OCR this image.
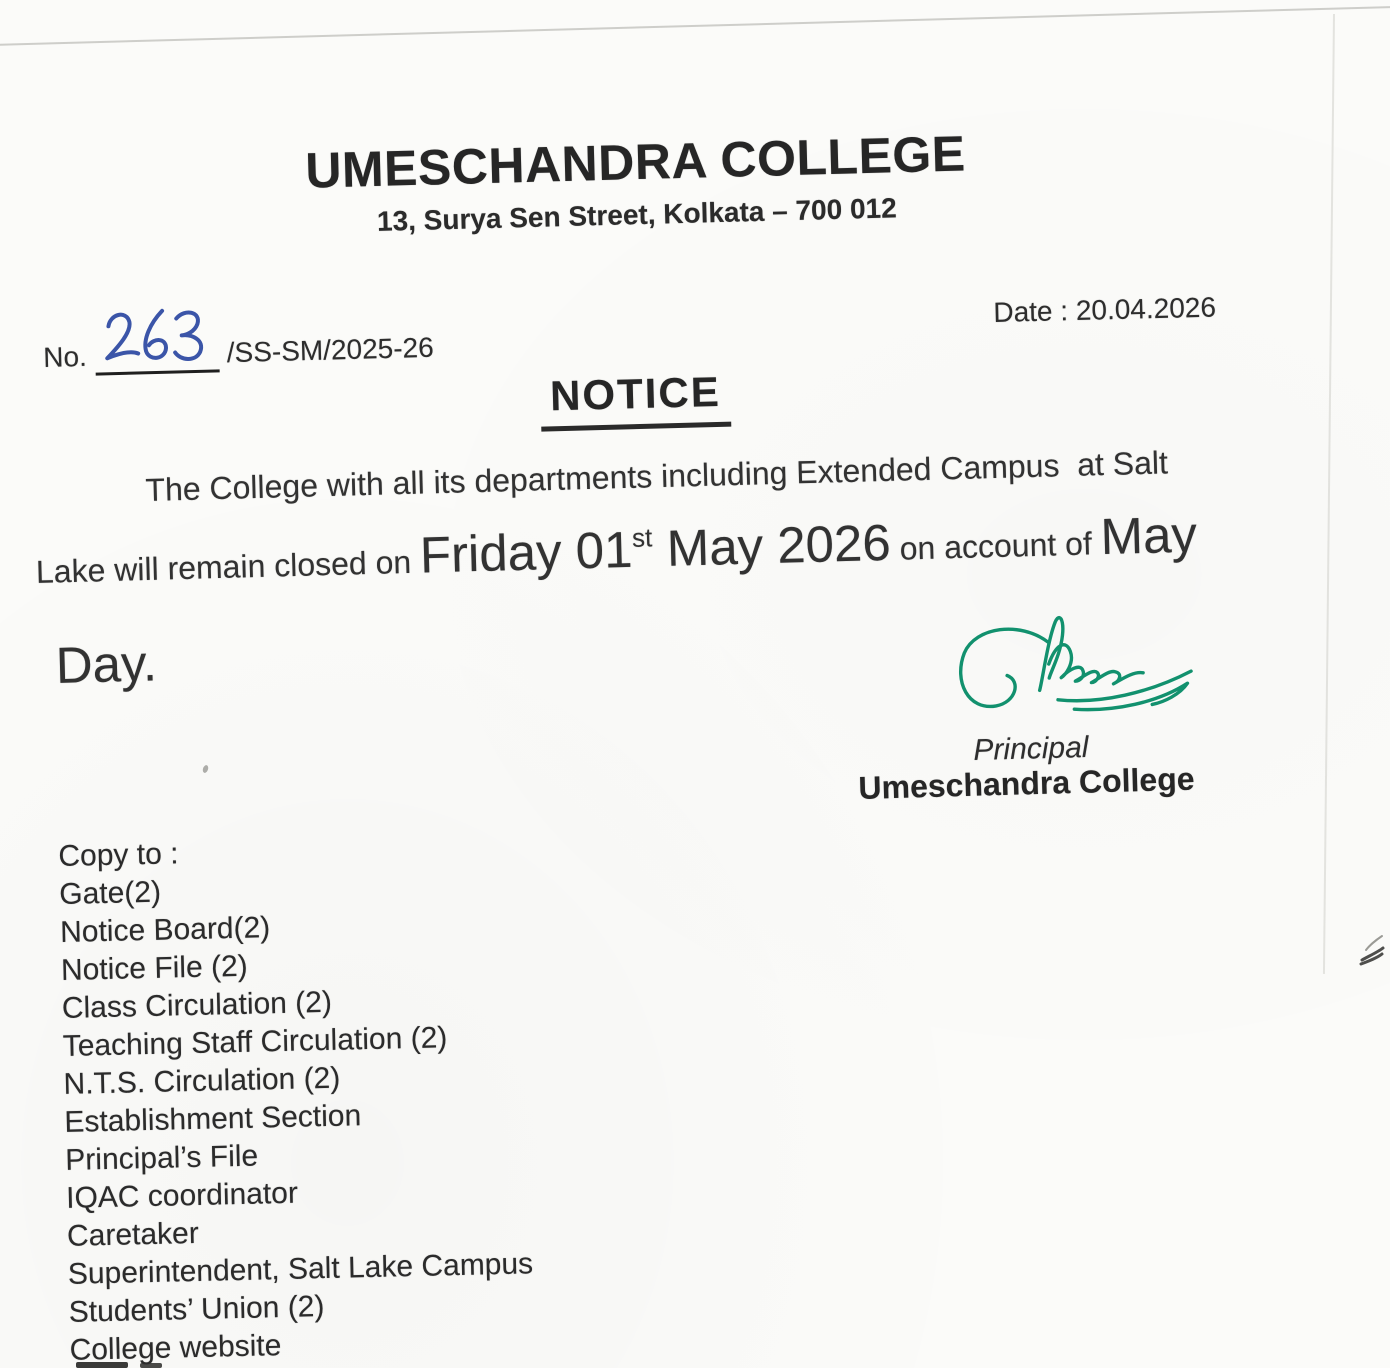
UMESCHANDRA COLLEGE
13, Surya Sen Street, Kolkata – 700 012
No.	/SS-SM/2025-26
Date : 20.04.2026
NOTICE
The College with all its departments including Extended Campus  at Salt
Lake will remain closed on Friday 01st May 2026 on account of May
Day.
Principal
Umeschandra College
Copy to :
Gate(2)
Notice Board(2)
Notice File (2)
Class Circulation (2)
Teaching Staff Circulation (2)
N.T.S. Circulation (2)
Establishment Section
Principal’s File
IQAC coordinator
Caretaker
Superintendent, Salt Lake Campus
Students’ Union (2)
College website
